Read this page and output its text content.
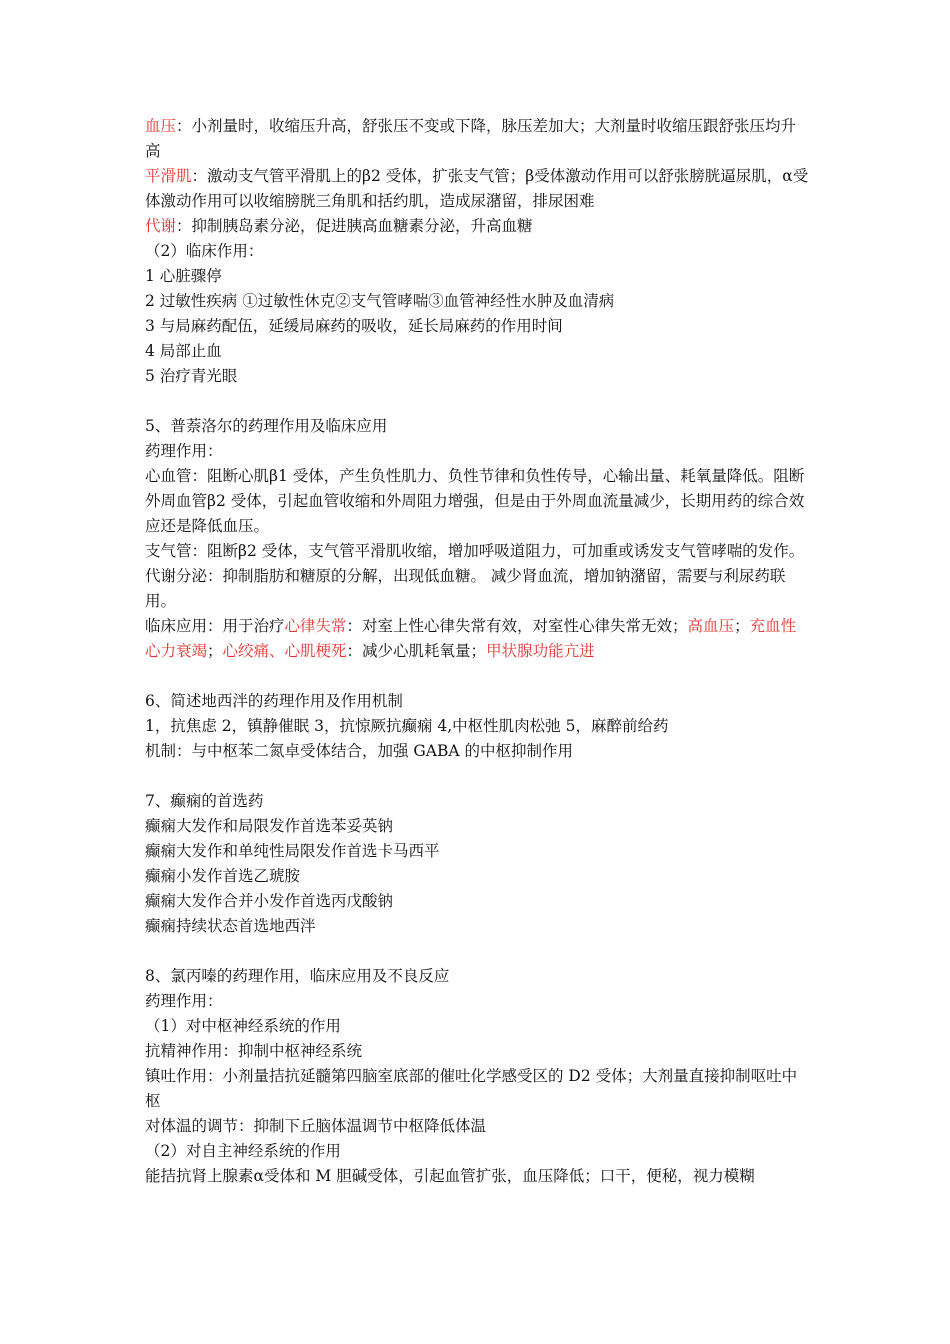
血压：小剂量时，收缩压升高，舒张压不变或下降，脉压差加大；大剂量时收缩压跟舒张压均升高

平滑肌：激动支气管平滑肌上的β2 受体，扩张支气管；β受体激动作用可以舒张膀胱逼尿肌，α受体激动作用可以收缩膀胱三角肌和括约肌，造成尿潴留，排尿困难

代谢：抑制胰岛素分泌，促进胰高血糖素分泌，升高血糖

（2）临床作用：

1 心脏骤停

2 过敏性疾病 ①过敏性休克②支气管哮喘③血管神经性水肿及血清病

3 与局麻药配伍，延缓局麻药的吸收，延长局麻药的作用时间

4 局部止血

5 治疗青光眼

5、普萘洛尔的药理作用及临床应用

药理作用：

心血管：阻断心肌β1 受体，产生负性肌力、负性节律和负性传导，心输出量、耗氧量降低。阻断外周血管β2 受体，引起血管收缩和外周阻力增强，但是由于外周血流量减少，长期用药的综合效应还是降低血压。

支气管：阻断β2 受体，支气管平滑肌收缩，增加呼吸道阻力，可加重或诱发支气管哮喘的发作。

代谢分泌：抑制脂肪和糖原的分解，出现低血糖。 减少肾血流，增加钠潴留，需要与利尿药联用。

临床应用：用于治疗心律失常：对室上性心律失常有效，对室性心律失常无效；高血压；充血性心力衰竭；心绞痛、心肌梗死：减少心肌耗氧量；甲状腺功能亢进

6、简述地西泮的药理作用及作用机制

1，抗焦虑 2，镇静催眠 3，抗惊厥抗癫痫 4,中枢性肌肉松弛 5，麻醉前给药

机制：与中枢苯二氮卓受体结合，加强 GABA 的中枢抑制作用

7、癫痫的首选药

癫痫大发作和局限发作首选苯妥英钠

癫痫大发作和单纯性局限发作首选卡马西平

癫痫小发作首选乙琥胺

癫痫大发作合并小发作首选丙戊酸钠

癫痫持续状态首选地西泮

8、氯丙嗪的药理作用，临床应用及不良反应

药理作用：

（1）对中枢神经系统的作用

抗精神作用：抑制中枢神经系统

镇吐作用：小剂量拮抗延髓第四脑室底部的催吐化学感受区的 D2 受体；大剂量直接抑制呕吐中枢

对体温的调节：抑制下丘脑体温调节中枢降低体温

（2）对自主神经系统的作用

能拮抗肾上腺素α受体和 M 胆碱受体，引起血管扩张，血压降低；口干，便秘，视力模糊
